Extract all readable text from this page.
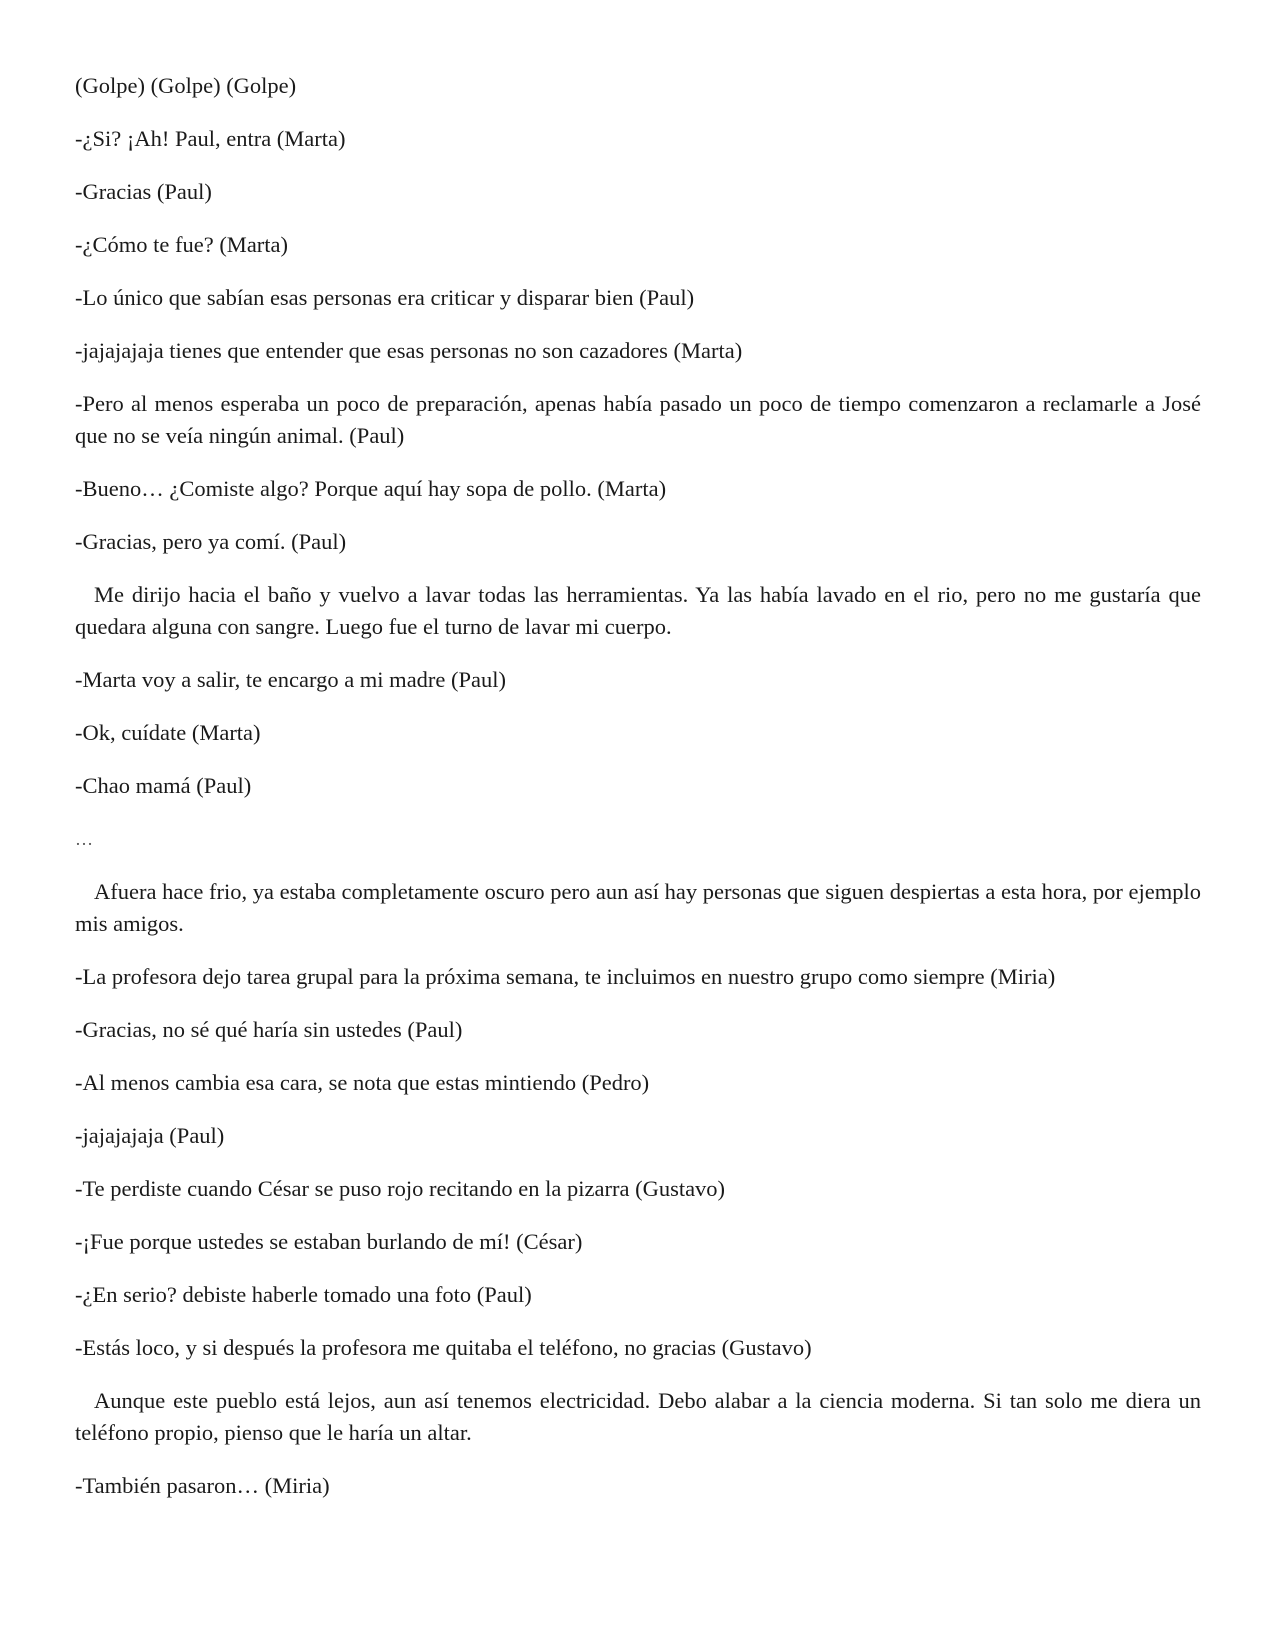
(Golpe) (Golpe) (Golpe)

-¿Si? ¡Ah! Paul, entra (Marta)

-Gracias (Paul)

-¿Cómo te fue? (Marta)

-Lo único que sabían esas personas era criticar y disparar bien (Paul)

-jajajajaja tienes que entender que esas personas no son cazadores (Marta)

-Pero al menos esperaba un poco de preparación, apenas había pasado un poco de tiempo comenzaron a reclamarle a José que no se veía ningún animal. (Paul)

-Bueno… ¿Comiste algo? Porque aquí hay sopa de pollo. (Marta)

-Gracias, pero ya comí. (Paul)

Me dirijo hacia el baño y vuelvo a lavar todas las herramientas. Ya las había lavado en el rio, pero no me gustaría que quedara alguna con sangre. Luego fue el turno de lavar mi cuerpo.

-Marta voy a salir, te encargo a mi madre (Paul)

-Ok, cuídate (Marta)

-Chao mamá (Paul)

…

Afuera hace frio, ya estaba completamente oscuro pero aun así hay personas que siguen despiertas a esta hora, por ejemplo mis amigos.

-La profesora dejo tarea grupal para la próxima semana, te incluimos en nuestro grupo como siempre (Miria)

-Gracias, no sé qué haría sin ustedes (Paul)

-Al menos cambia esa cara, se nota que estas mintiendo (Pedro)

-jajajajaja (Paul)

-Te perdiste cuando César se puso rojo recitando en la pizarra (Gustavo)

-¡Fue porque ustedes se estaban burlando de mí! (César)

-¿En serio? debiste haberle tomado una foto (Paul)

-Estás loco, y si después la profesora me quitaba el teléfono, no gracias (Gustavo)

Aunque este pueblo está lejos, aun así tenemos electricidad. Debo alabar a la ciencia moderna. Si tan solo me diera un teléfono propio, pienso que le haría un altar.

-También pasaron… (Miria)
